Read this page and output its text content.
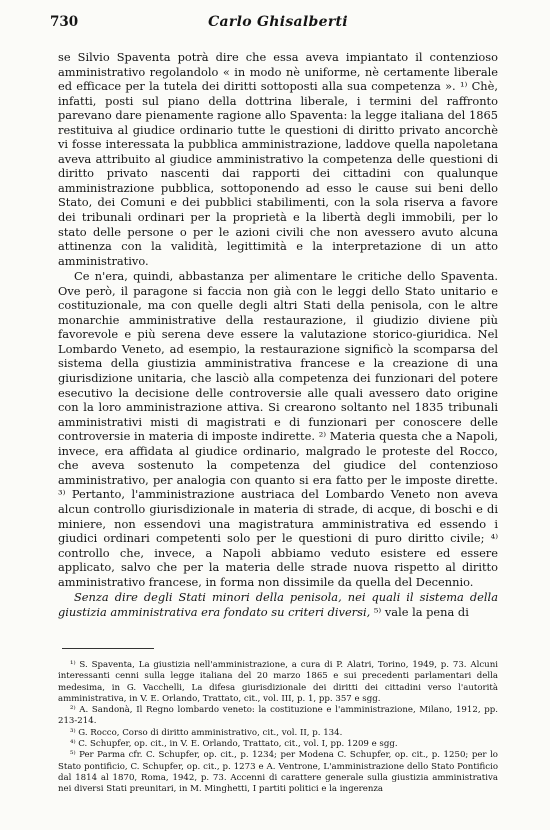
730	Carlo Ghisalberti

se Silvio Spaventa potrà dire che essa aveva impiantato il contenzioso amministrativo regolandolo « in modo nè uniforme, nè certamente liberale ed efficace per la tutela dei diritti sottoposti alla sua competenza ». ¹⁾ Chè, infatti, posti sul piano della dottrina liberale, i termini del raffronto parevano dare pienamente ragione allo Spaventa: la legge italiana del 1865 restituiva al giudice ordinario tutte le questioni di diritto privato ancorchè vi fosse interessata la pubblica amministrazione, laddove quella napoletana aveva attribuito al giudice amministrativo la competenza delle questioni di diritto privato nascenti dai rapporti dei cittadini con qualunque amministrazione pubblica, sottoponendo ad esso le cause sui beni dello Stato, dei Comuni e dei pubblici stabilimenti, con la sola riserva a favore dei tribunali ordinari per la proprietà e la libertà degli immobili, per lo stato delle persone o per le azioni civili che non avessero avuto alcuna attinenza con la validità, legittimità e la interpretazione di un atto amministrativo.

Ce n'era, quindi, abbastanza per alimentare le critiche dello Spaventa. Ove però, il paragone si faccia non già con le leggi dello Stato unitario e costituzionale, ma con quelle degli altri Stati della penisola, con le altre monarchie amministrative della restaurazione, il giudizio diviene più favorevole e più serena deve essere la valutazione storico-giuridica. Nel Lombardo Veneto, ad esempio, la restaurazione significò la scomparsa del sistema della giustizia amministrativa francese e la creazione di una giurisdizione unitaria, che lasciò alla competenza dei funzionari del potere esecutivo la decisione delle controversie alle quali avessero dato origine con la loro amministrazione attiva. Si crearono soltanto nel 1835 tribunali amministrativi misti di magistrati e di funzionari per conoscere delle controversie in materia di imposte indirette. ²⁾ Materia questa che a Napoli, invece, era affidata al giudice ordinario, malgrado le proteste del Rocco, che aveva sostenuto la competenza del giudice del contenzioso amministrativo, per analogia con quanto si era fatto per le imposte dirette. ³⁾ Pertanto, l'amministrazione austriaca del Lombardo Veneto non aveva alcun controllo giurisdizionale in materia di strade, di acque, di boschi e di miniere, non essendovi una magistratura amministrativa ed essendo i giudici ordinari competenti solo per le questioni di puro diritto civile; ⁴⁾ controllo che, invece, a Napoli abbiamo veduto esistere ed essere applicato, salvo che per la materia delle strade nuova rispetto al diritto amministrativo francese, in forma non dissimile da quella del Decennio.

Senza dire degli Stati minori della penisola, nei quali il sistema della giustizia amministrativa era fondato su criteri diversi, ⁵⁾ vale la pena di

¹⁾ S. Spaventa, La giustizia nell'amministrazione, a cura di P. Alatri, Torino, 1949, p. 73. Alcuni interessanti cenni sulla legge italiana del 20 marzo 1865 e sui precedenti parlamentari della medesima, in G. Vacchelli, La difesa giurisdizionale dei diritti dei cittadini verso l'autorità amministrativa, in V. E. Orlando, Trattato, cit., vol. III, p. 1, pp. 357 e sgg.

²⁾ A. Sandonà, Il Regno lombardo veneto: la costituzione e l'amministrazione, Milano, 1912, pp. 213-214.

³⁾ G. Rocco, Corso di diritto amministrativo, cit., vol. II, p. 134.

⁴⁾ C. Schupfer, op. cit., in V. E. Orlando, Trattato, cit., vol. I, pp. 1209 e sgg.

⁵⁾ Per Parma cfr. C. Schupfer, op. cit., p. 1234; per Modena C. Schupfer, op. cit., p. 1250; per lo Stato pontificio, C. Schupfer, op. cit., p. 1273 e A. Ventrone, L'amministrazione dello Stato Pontificio dal 1814 al 1870, Roma, 1942, p. 73. Accenni di carattere generale sulla giustizia amministrativa nei diversi Stati preunitari, in M. Minghetti, I partiti politici e la ingerenza
